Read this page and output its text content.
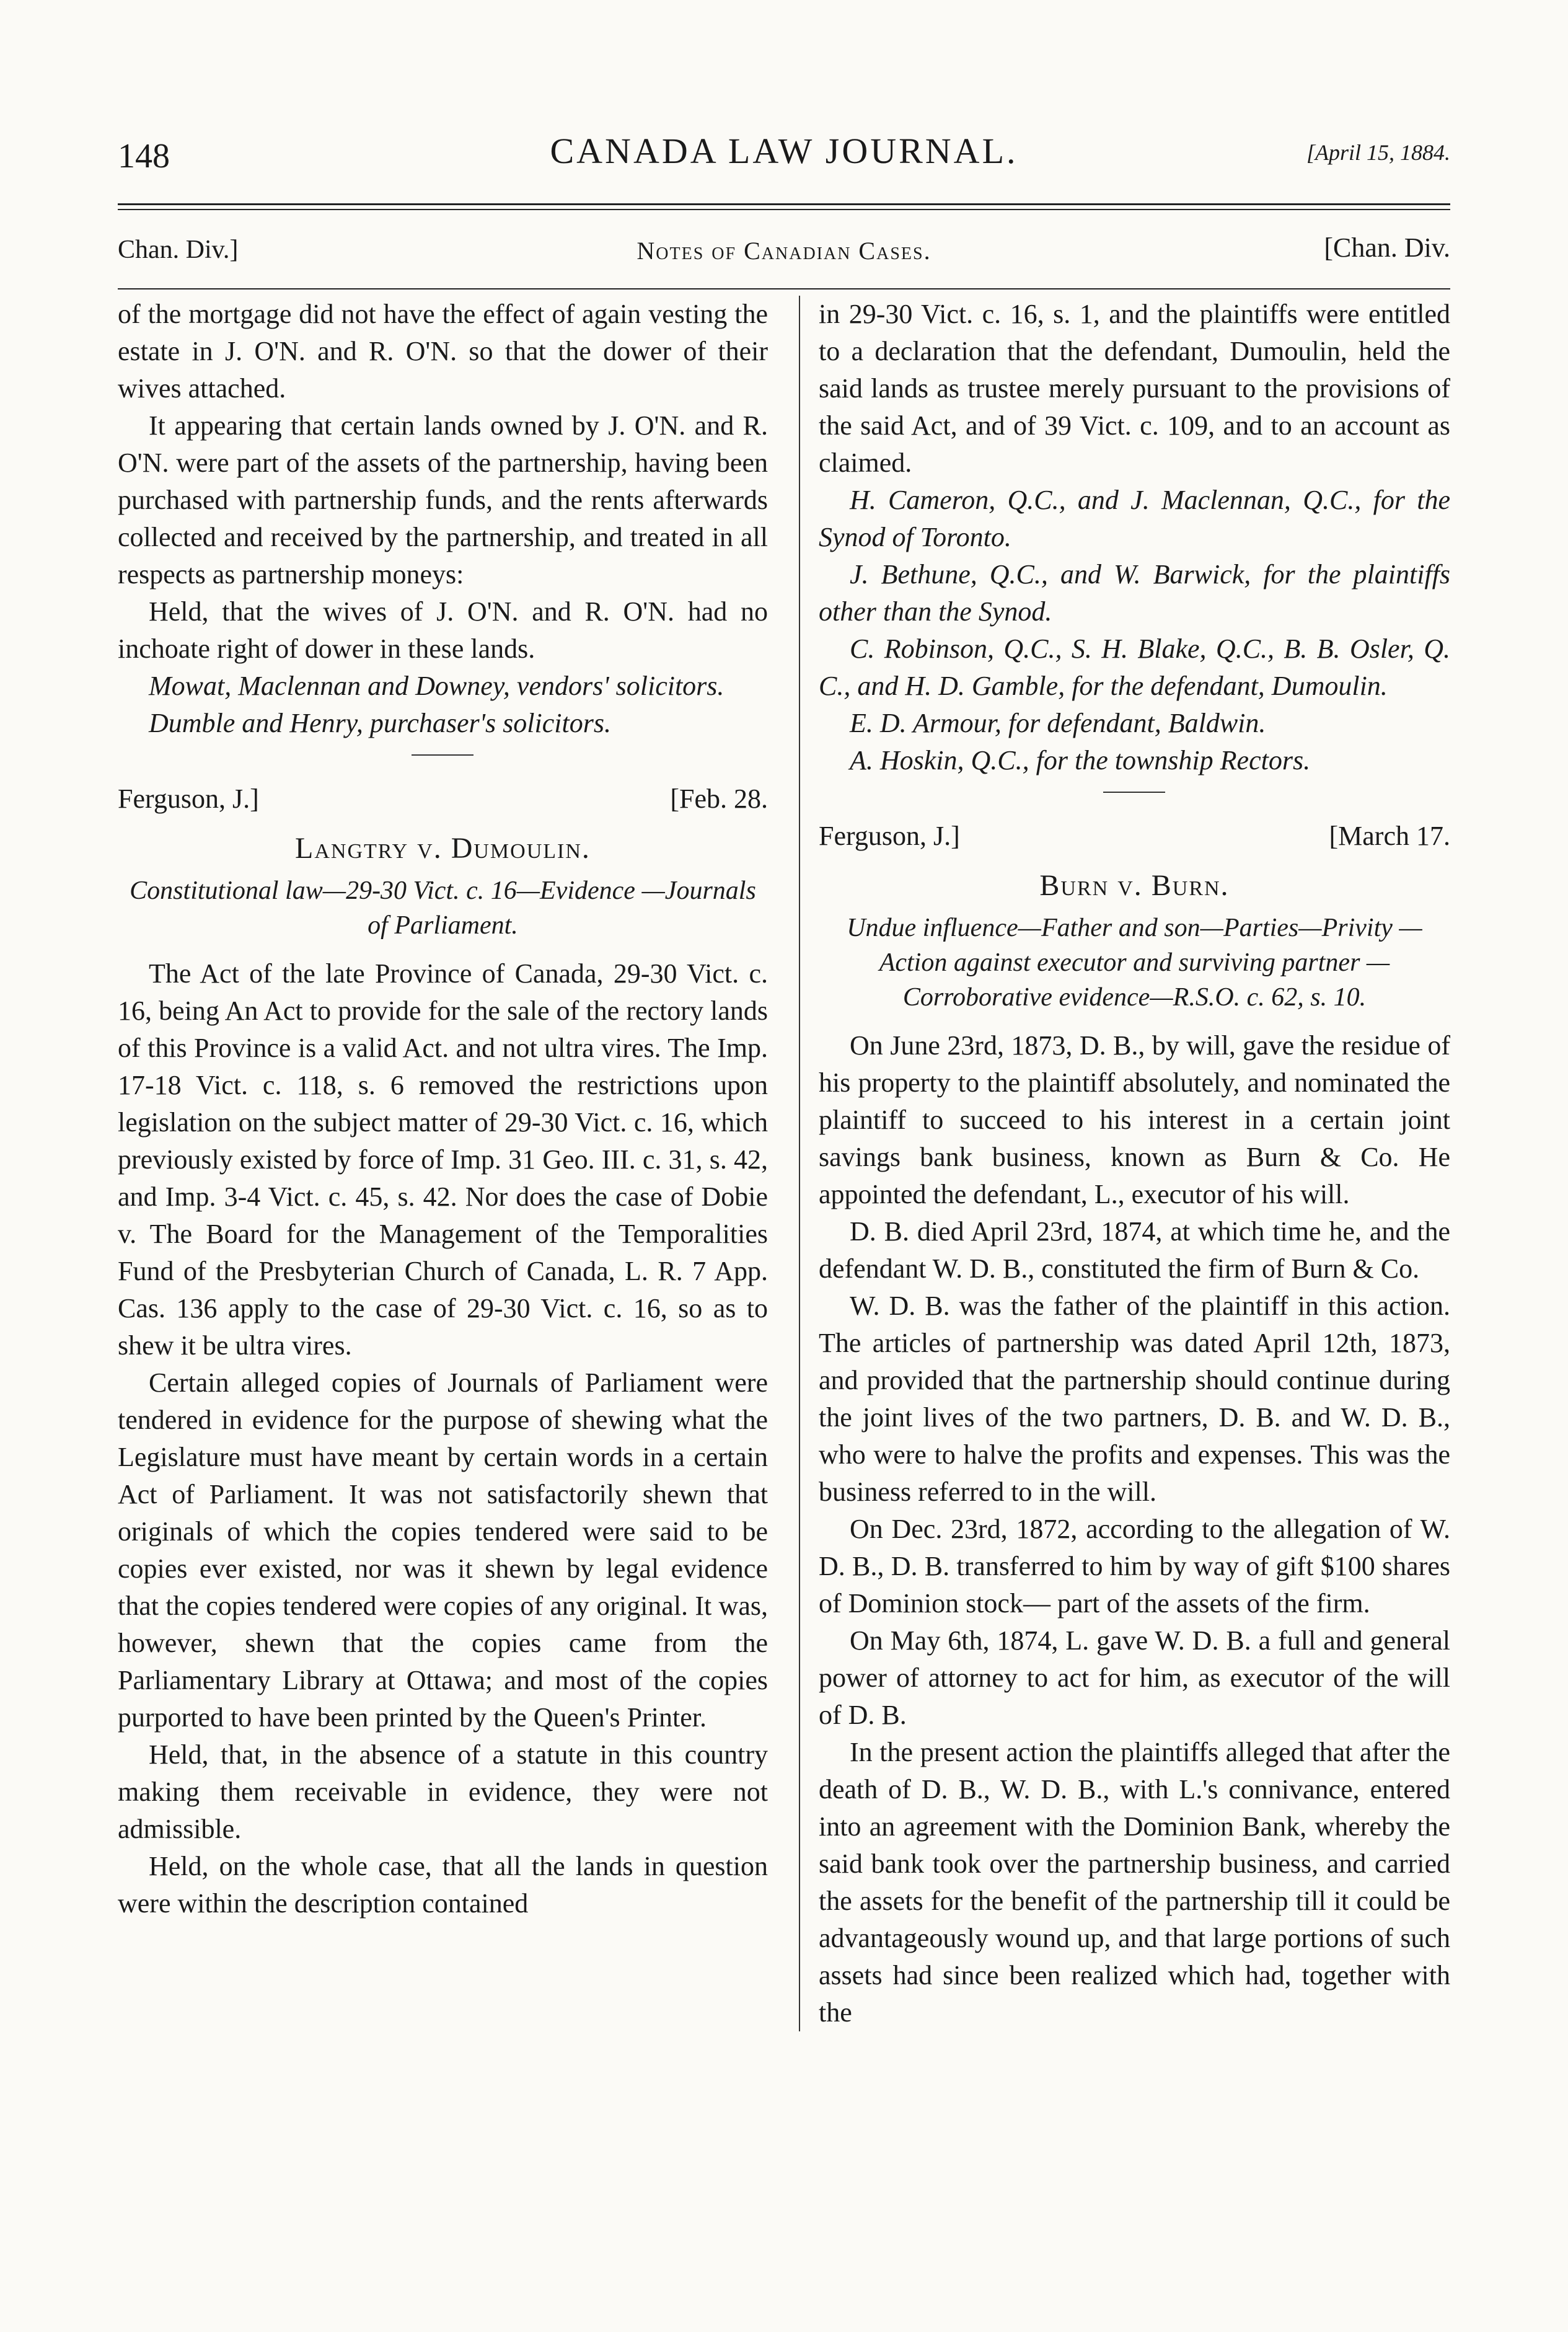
148	CANADA LAW JOURNAL.	[April 15, 1884.
Chan. Div.]	Notes of Canadian Cases.	[Chan. Div.

of the mortgage did not have the effect of again vesting the estate in J. O'N. and R. O'N. so that the dower of their wives attached.

It appearing that certain lands owned by J. O'N. and R. O'N. were part of the assets of the partnership, having been purchased with partnership funds, and the rents afterwards collected and received by the partnership, and treated in all respects as partnership moneys:

Held, that the wives of J. O'N. and R. O'N. had no inchoate right of dower in these lands.

Mowat, Maclennan and Downey, vendors' solicitors.

Dumble and Henry, purchaser's solicitors.

Ferguson, J.]	[Feb. 28.
Langtry v. Dumoulin.
Constitutional law—29-30 Vict. c. 16—Evidence —Journals of Parliament.

The Act of the late Province of Canada, 29-30 Vict. c. 16, being An Act to provide for the sale of the rectory lands of this Province is a valid Act. and not ultra vires. The Imp. 17-18 Vict. c. 118, s. 6 removed the restrictions upon legislation on the subject matter of 29-30 Vict. c. 16, which previously existed by force of Imp. 31 Geo. III. c. 31, s. 42, and Imp. 3-4 Vict. c. 45, s. 42. Nor does the case of Dobie v. The Board for the Management of the Temporalities Fund of the Presbyterian Church of Canada, L. R. 7 App. Cas. 136 apply to the case of 29-30 Vict. c. 16, so as to shew it be ultra vires.

Certain alleged copies of Journals of Parliament were tendered in evidence for the purpose of shewing what the Legislature must have meant by certain words in a certain Act of Parliament. It was not satisfactorily shewn that originals of which the copies tendered were said to be copies ever existed, nor was it shewn by legal evidence that the copies tendered were copies of any original. It was, however, shewn that the copies came from the Parliamentary Library at Ottawa; and most of the copies purported to have been printed by the Queen's Printer.

Held, that, in the absence of a statute in this country making them receivable in evidence, they were not admissible.

Held, on the whole case, that all the lands in question were within the description contained

in 29-30 Vict. c. 16, s. 1, and the plaintiffs were entitled to a declaration that the defendant, Dumoulin, held the said lands as trustee merely pursuant to the provisions of the said Act, and of 39 Vict. c. 109, and to an account as claimed.

H. Cameron, Q.C., and J. Maclennan, Q.C., for the Synod of Toronto.

J. Bethune, Q.C., and W. Barwick, for the plaintiffs other than the Synod.

C. Robinson, Q.C., S. H. Blake, Q.C., B. B. Osler, Q. C., and H. D. Gamble, for the defendant, Dumoulin.

E. D. Armour, for defendant, Baldwin.

A. Hoskin, Q.C., for the township Rectors.

Ferguson, J.]	[March 17.
Burn v. Burn.
Undue influence—Father and son—Parties—Privity —Action against executor and surviving partner —Corroborative evidence—R.S.O. c. 62, s. 10.

On June 23rd, 1873, D. B., by will, gave the residue of his property to the plaintiff absolutely, and nominated the plaintiff to succeed to his interest in a certain joint savings bank business, known as Burn & Co. He appointed the defendant, L., executor of his will.

D. B. died April 23rd, 1874, at which time he, and the defendant W. D. B., constituted the firm of Burn & Co.

W. D. B. was the father of the plaintiff in this action. The articles of partnership was dated April 12th, 1873, and provided that the partnership should continue during the joint lives of the two partners, D. B. and W. D. B., who were to halve the profits and expenses. This was the business referred to in the will.

On Dec. 23rd, 1872, according to the allegation of W. D. B., D. B. transferred to him by way of gift $100 shares of Dominion stock— part of the assets of the firm.

On May 6th, 1874, L. gave W. D. B. a full and general power of attorney to act for him, as executor of the will of D. B.

In the present action the plaintiffs alleged that after the death of D. B., W. D. B., with L.'s connivance, entered into an agreement with the Dominion Bank, whereby the said bank took over the partnership business, and carried the assets for the benefit of the partnership till it could be advantageously wound up, and that large portions of such assets had since been realized which had, together with the
